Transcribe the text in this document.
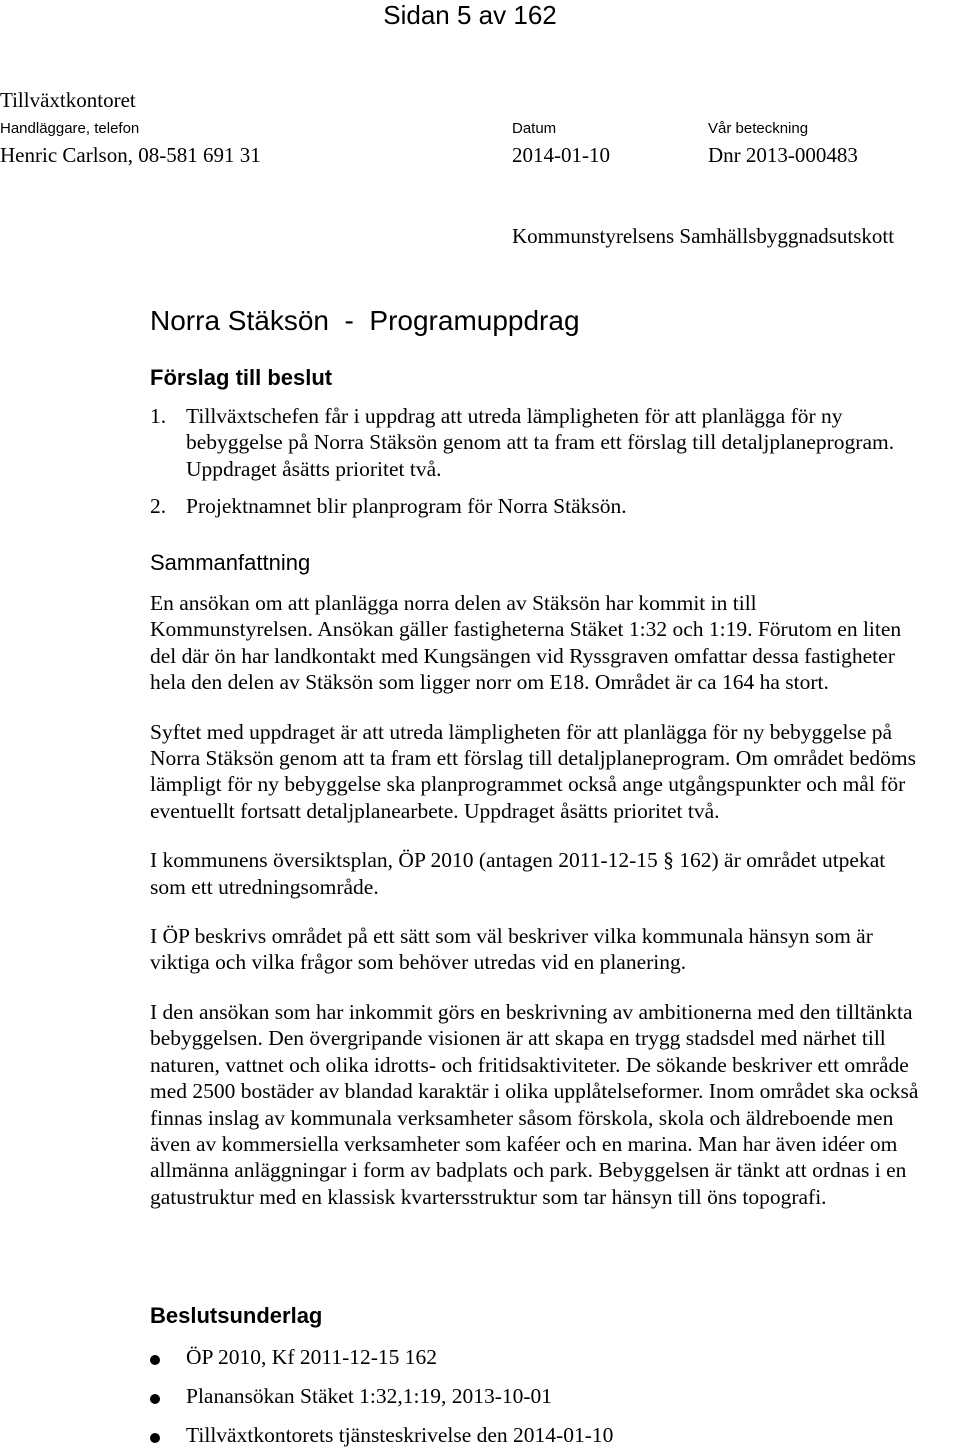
Sidan 5 av 162
Tillväxtkontoret
Handläggare, telefon	Datum	Vår beteckning
Henric Carlson, 08-581 691 31	2014-01-10	Dnr 2013-000483
Kommunstyrelsens Samhällsbyggnadsutskott
Norra Stäksön  -  Programuppdrag
Förslag till beslut

1. Tillväxtschefen får i uppdrag att utreda lämpligheten för att planlägga för ny bebyggelse på Norra Stäksön genom att ta fram ett förslag till detaljplaneprogram. Uppdraget åsätts prioritet två.

2. Projektnamnet blir planprogram för Norra Stäksön.

Sammanfattning

En ansökan om att planlägga norra delen av Stäksön har kommit in till Kommunstyrelsen. Ansökan gäller fastigheterna Stäket 1:32 och 1:19. Förutom en liten del där ön har landkontakt med Kungsängen vid Ryssgraven omfattar dessa fastigheter hela den delen av Stäksön som ligger norr om E18. Området är ca 164 ha stort.

Syftet med uppdraget är att utreda lämpligheten för att planlägga för ny bebyggelse på Norra Stäksön genom att ta fram ett förslag till detaljplaneprogram. Om området bedöms lämpligt för ny bebyggelse ska planprogrammet också ange utgångspunkter och mål för eventuellt fortsatt detaljplanearbete. Uppdraget åsätts prioritet två.

I kommunens översiktsplan, ÖP 2010 (antagen 2011-12-15 § 162) är området utpekat som ett utredningsområde.

I ÖP beskrivs området på ett sätt som väl beskriver vilka kommunala hänsyn som är viktiga och vilka frågor som behöver utredas vid en planering.

I den ansökan som har inkommit görs en beskrivning av ambitionerna med den tilltänkta bebyggelsen. Den övergripande visionen är att skapa en trygg stadsdel med närhet till naturen, vattnet och olika idrotts- och fritidsaktiviteter. De sökande beskriver ett område med 2500 bostäder av blandad karaktär i olika upplåtelseformer. Inom området ska också finnas inslag av kommunala verksamheter såsom förskola, skola och äldreboende men även av kommersiella verksamheter som kaféer och en marina. Man har även idéer om allmänna anläggningar i form av badplats och park. Bebyggelsen är tänkt att ordnas i en gatustruktur med en klassisk kvartersstruktur som tar hänsyn till öns topografi.

Beslutsunderlag
ÖP 2010, Kf 2011-12-15 162
Planansökan Stäket 1:32,1:19, 2013-10-01
Tillväxtkontorets tjänsteskrivelse den 2014-01-10
